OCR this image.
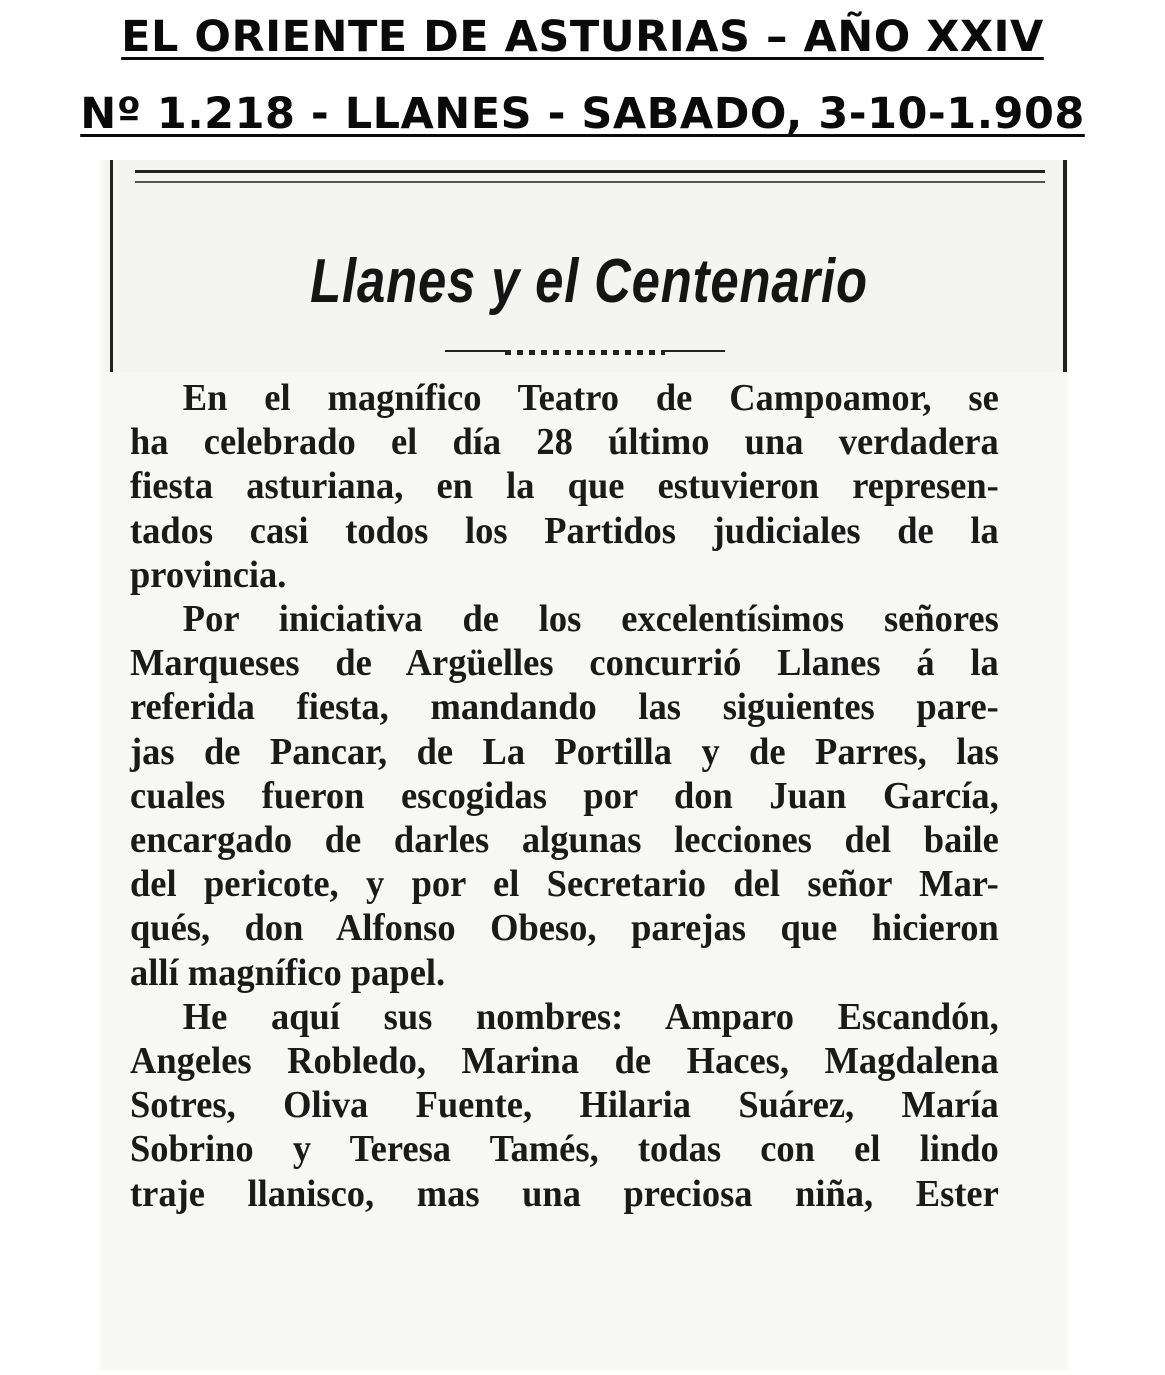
EL ORIENTE DE ASTURIAS – AÑO XXIV
Nº 1.218 - LLANES - SABADO, 3-10-1.908
Llanes y el Centenario
En el magnífico Teatro de Campoamor, se
ha celebrado el día 28 último una verdadera
fiesta asturiana, en la que estuvieron represen-
tados casi todos los Partidos judiciales de la
provincia.
Por iniciativa de los excelentísimos señores
Marqueses de Argüelles concurrió Llanes á la
referida fiesta, mandando las siguientes pare-
jas de Pancar, de La Portilla y de Parres, las
cuales fueron escogidas por don Juan García,
encargado de darles algunas lecciones del baile
del pericote, y por el Secretario del señor Mar-
qués, don Alfonso Obeso, parejas que hicieron
allí magnífico papel.
He aquí sus nombres: Amparo Escandón,
Angeles Robledo, Marina de Haces, Magdalena
Sotres, Oliva Fuente, Hilaria Suárez, María
Sobrino y Teresa Tamés, todas con el lindo
traje llanisco, mas una preciosa niña, Ester
